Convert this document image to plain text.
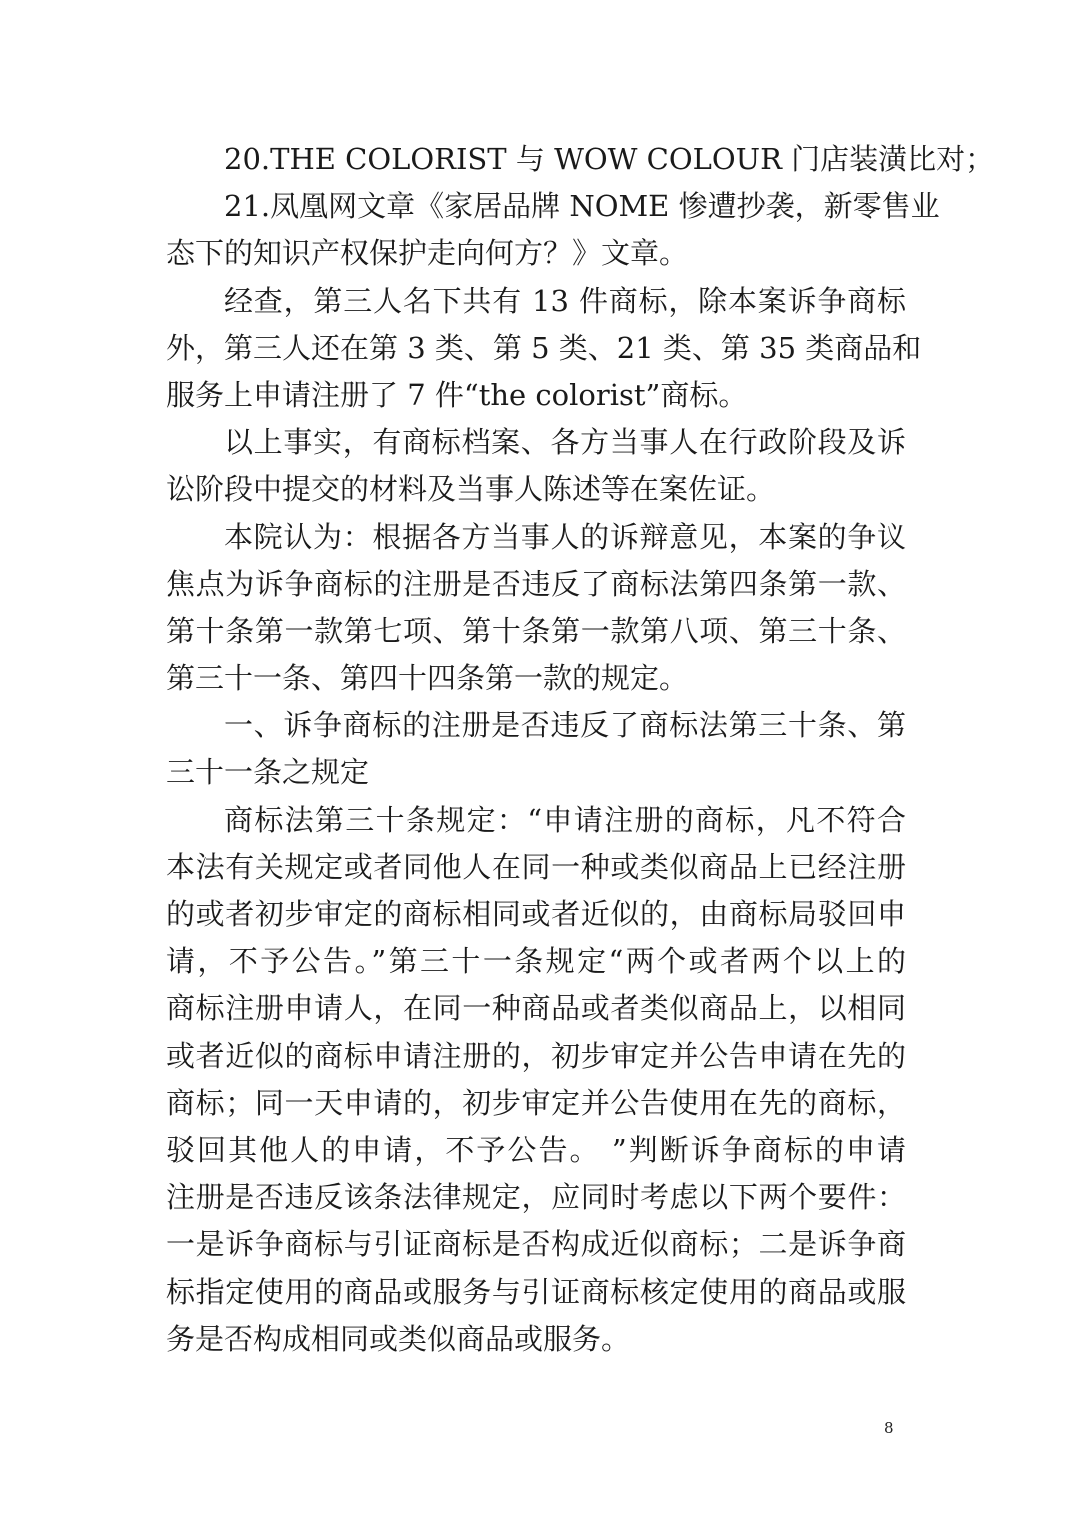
20.THE COLORIST 与 WOW COLOUR 门店装潢比对；
21.凤凰网文章《家居品牌 NOME 惨遭抄袭，新零售业
态下的知识产权保护走向何方？》文章。
经查，第三人名下共有 13 件商标，除本案诉争商标
外，第三人还在第 3 类、第 5 类、21 类、第 35 类商品和
服务上申请注册了 7 件“the colorist”商标。
以上事实，有商标档案、各方当事人在行政阶段及诉
讼阶段中提交的材料及当事人陈述等在案佐证。
本院认为：根据各方当事人的诉辩意见，本案的争议
焦点为诉争商标的注册是否违反了商标法第四条第一款、
第十条第一款第七项、第十条第一款第八项、第三十条、
第三十一条、第四十四条第一款的规定。
一、诉争商标的注册是否违反了商标法第三十条、第
三十一条之规定
商标法第三十条规定：“申请注册的商标，凡不符合
本法有关规定或者同他人在同一种或类似商品上已经注册
的或者初步审定的商标相同或者近似的，由商标局驳回申
请，不予公告。”第三十一条规定“两个或者两个以上的
商标注册申请人，在同一种商品或者类似商品上，以相同
或者近似的商标申请注册的，初步审定并公告申请在先的
商标；同一天申请的，初步审定并公告使用在先的商标，
驳回其他人的申请，不予公告。 ”判断诉争商标的申请
注册是否违反该条法律规定，应同时考虑以下两个要件：
一是诉争商标与引证商标是否构成近似商标；二是诉争商
标指定使用的商品或服务与引证商标核定使用的商品或服
务是否构成相同或类似商品或服务。
8
